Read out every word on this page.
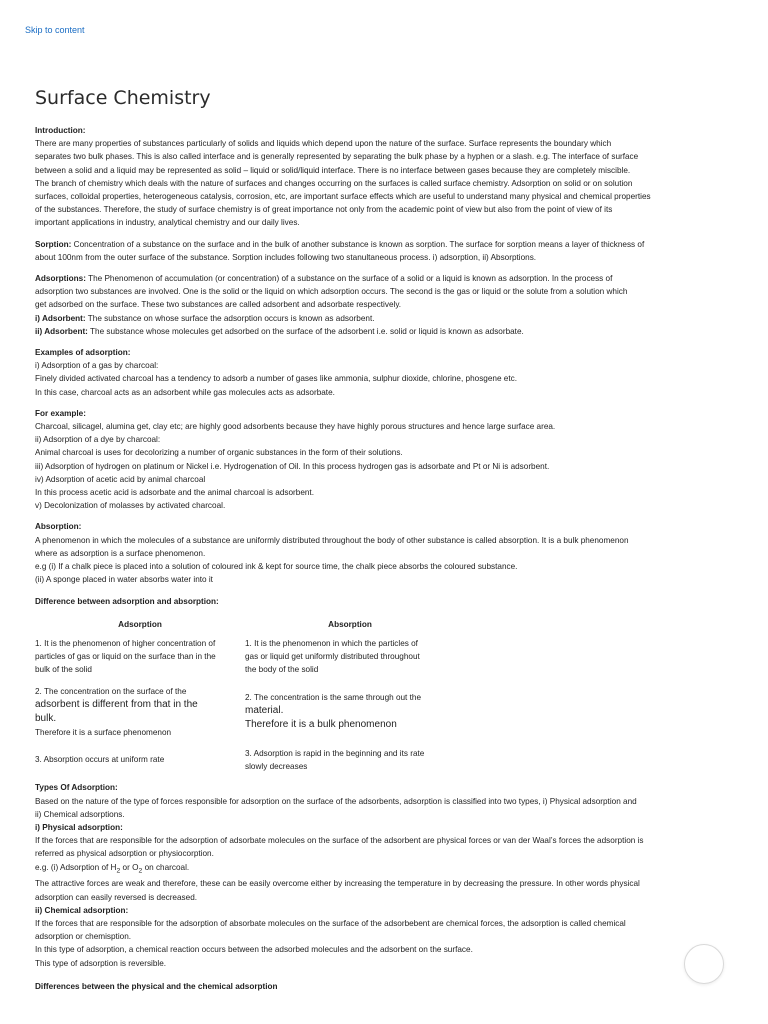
Skip to content
Surface Chemistry

Introduction:
There are many properties of substances particularly of solids and liquids which depend upon the nature of the surface. Surface represents the boundary which
separates two bulk phases. This is also called interface and is generally represented by separating the bulk phase by a hyphen or a slash. e.g. The interface of surface
between a solid and a liquid may be represented as solid – liquid or solid/liquid interface. There is no interface between gases because they are completely miscible.
The branch of chemistry which deals with the nature of surfaces and changes occurring on the surfaces is called surface chemistry. Adsorption on solid or on solution
surfaces, colloidal properties, heterogeneous catalysis, corrosion, etc, are important surface effects which are useful to understand many physical and chemical properties
of the substances. Therefore, the study of surface chemistry is of great importance not only from the academic point of view but also from the point of view of its
important applications in industry, analytical chemistry and our daily lives.

Sorption: Concentration of a substance on the surface and in the bulk of another substance is known as sorption. The surface for sorption means a layer of thickness of
about 100nm from the outer surface of the substance. Sorption includes following two stanultaneous process. i) adsorption, ii) Absorptions.

Adsorptions: The Phenomenon of accumulation (or concentration) of a substance on the surface of a solid or a liquid is known as adsorption. In the process of
adsorption two substances are involved. One is the solid or the liquid on which adsorption occurs. The second is the gas or liquid or the solute from a solution which
get adsorbed on the surface. These two substances are called adsorbent and adsorbate respectively.
i) Adsorbent: The substance on whose surface the adsorption occurs is known as adsorbent.
ii) Adsorbent: The substance whose molecules get adsorbed on the surface of the adsorbent i.e. solid or liquid is known as adsorbate.

Examples of adsorption:
i) Adsorption of a gas by charcoal:
Finely divided activated charcoal has a tendency to adsorb a number of gases like ammonia, sulphur dioxide, chlorine, phosgene etc.
In this case, charcoal acts as an adsorbent while gas molecules acts as adsorbate.

For example:
Charcoal, silicagel, alumina get, clay etc; are highly good adsorbents because they have highly porous structures and hence large surface area.
ii) Adsorption of a dye by charcoal:
Animal charcoal is uses for decolorizing a number of organic substances in the form of their solutions.
iii) Adsorption of hydrogen on platinum or Nickel i.e. Hydrogenation of Oil. In this process hydrogen gas is adsorbate and Pt or Ni is adsorbent.
iv) Adsorption of acetic acid by animal charcoal
In this process acetic acid is adsorbate and the animal charcoal is adsorbent.
v) Decolonization of molasses by activated charcoal.

Absorption:
A phenomenon in which the molecules of a substance are uniformly distributed throughout the body of other substance is called absorption. It is a bulk phenomenon
where as adsorption is a surface phenomenon.
e.g (i) If a chalk piece is placed into a solution of coloured ink & kept for source time, the chalk piece absorbs the coloured substance.
(ii) A sponge placed in water absorbs water into it

Difference between adsorption and absorption:
Adsorption	Absorption
1. It is the phenomenon of higher concentration of
particles of gas or liquid on the surface than in the
bulk of the solid
1. It is the phenomenon in which the particles of
gas or liquid get uniformly distributed throughout
the body of the solid
2. The concentration on the surface of the
adsorbent is different from that in the
bulk.
Therefore it is a surface phenomenon
2. The concentration is the same through out the
material.
Therefore it is a bulk phenomenon
3. Absorption occurs at uniform rate
3. Adsorption is rapid in the beginning and its rate
slowly decreases
Types Of Adsorption:
Based on the nature of the type of forces responsible for adsorption on the surface of the adsorbents, adsorption is classified into two types, i) Physical adsorption and
ii) Chemical adsorptions.
i) Physical adsorption:
If the forces that are responsible for the adsorption of adsorbate molecules on the surface of the adsorbent are physical forces or van der Waal’s forces the adsorption is
referred as physical adsorption or physiocorption.
e.g. (i) Adsorption of $H_2$ or $O_2$ on charcoal.
The attractive forces are weak and therefore, these can be easily overcome either by increasing the temperature in by decreasing the pressure. In other words physical
adsorption can easily reversed is decreased.
ii) Chemical adsorption:
If the forces that are responsible for the adsorption of absorbate molecules on the surface of the adsorbebent are chemical forces, the adsorption is called chemical
adsorption or chemisption.
In this type of adsorption, a chemical reaction occurs between the adsorbed molecules and the adsorbent on the surface.
This type of adsorption is reversible.
Differences between the physical and the chemical adsorption
